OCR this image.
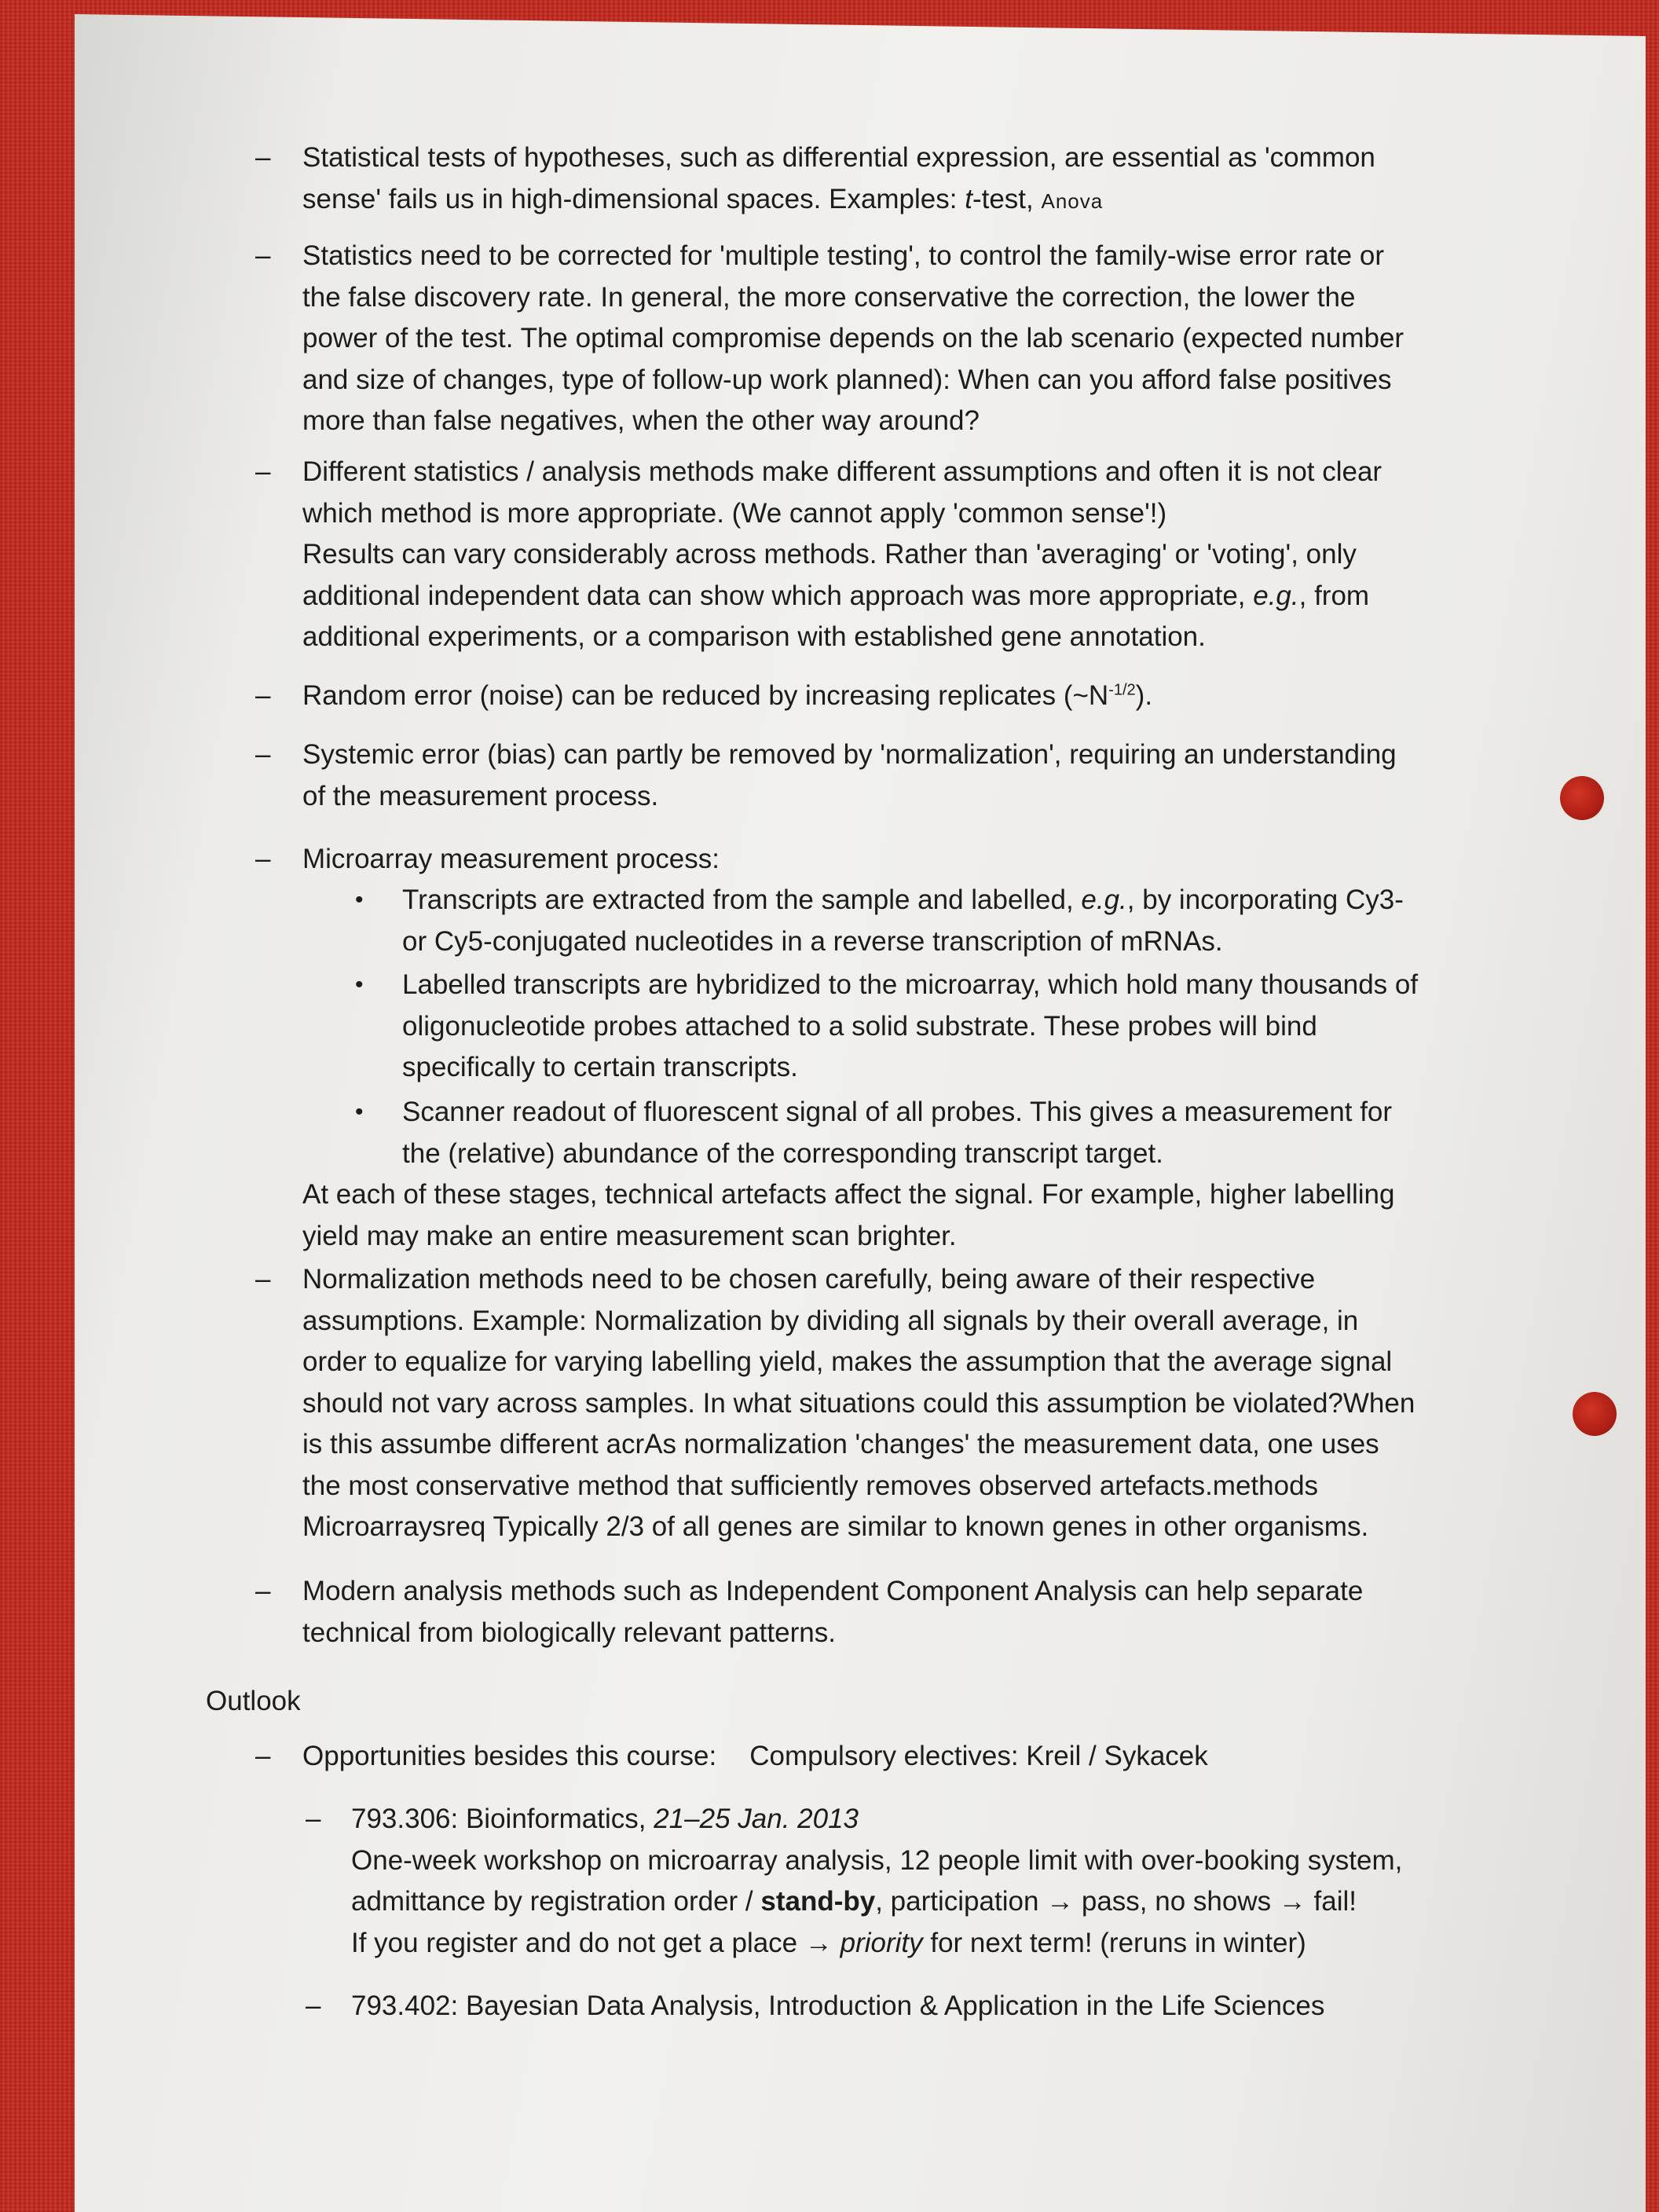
– Statistical tests of hypotheses, such as differential expression, are essential as 'common
sense' fails us in high-dimensional spaces. Examples: t-test, Anova
– Statistics need to be corrected for 'multiple testing', to control the family-wise error rate or
the false discovery rate. In general, the more conservative the correction, the lower the
power of the test. The optimal compromise depends on the lab scenario (expected number
and size of changes, type of follow-up work planned): When can you afford false positives
more than false negatives, when the other way around?
– Different statistics / analysis methods make different assumptions and often it is not clear
which method is more appropriate. (We cannot apply 'common sense'!)
Results can vary considerably across methods. Rather than 'averaging' or 'voting', only
additional independent data can show which approach was more appropriate, e.g., from
additional experiments, or a comparison with established gene annotation.
– Random error (noise) can be reduced by increasing replicates $(\sim N^{-1/2})$.
– Systemic error (bias) can partly be removed by 'normalization', requiring an understanding
of the measurement process.
– Microarray measurement process:
• Transcripts are extracted from the sample and labelled, e.g., by incorporating Cy3-
or Cy5-conjugated nucleotides in a reverse transcription of mRNAs.
• Labelled transcripts are hybridized to the microarray, which hold many thousands of
oligonucleotide probes attached to a solid substrate. These probes will bind
specifically to certain transcripts.
• Scanner readout of fluorescent signal of all probes. This gives a measurement for
the (relative) abundance of the corresponding transcript target.
At each of these stages, technical artefacts affect the signal. For example, higher labelling
yield may make an entire measurement scan brighter.
– Normalization methods need to be chosen carefully, being aware of their respective
assumptions. Example: Normalization by dividing all signals by their overall average, in
order to equalize for varying labelling yield, makes the assumption that the average signal
should not vary across samples. In what situations could this assumption be violated?When
is this assumbe different acrAs normalization 'changes' the measurement data, one uses
the most conservative method that sufficiently removes observed artefacts.methods
Microarraysreq Typically 2/3 of all genes are similar to known genes in other organisms.
– Modern analysis methods such as Independent Component Analysis can help separate
technical from biologically relevant patterns.
Outlook
– Opportunities besides this course: Compulsory electives: Kreil / Sykacek
– 793.306: Bioinformatics, 21–25 Jan. 2013
One-week workshop on microarray analysis, 12 people limit with over-booking system,
admittance by registration order / stand-by, participation → pass, no shows → fail!
If you register and do not get a place → priority for next term! (reruns in winter)
– 793.402: Bayesian Data Analysis, Introduction & Application in the Life Sciences
